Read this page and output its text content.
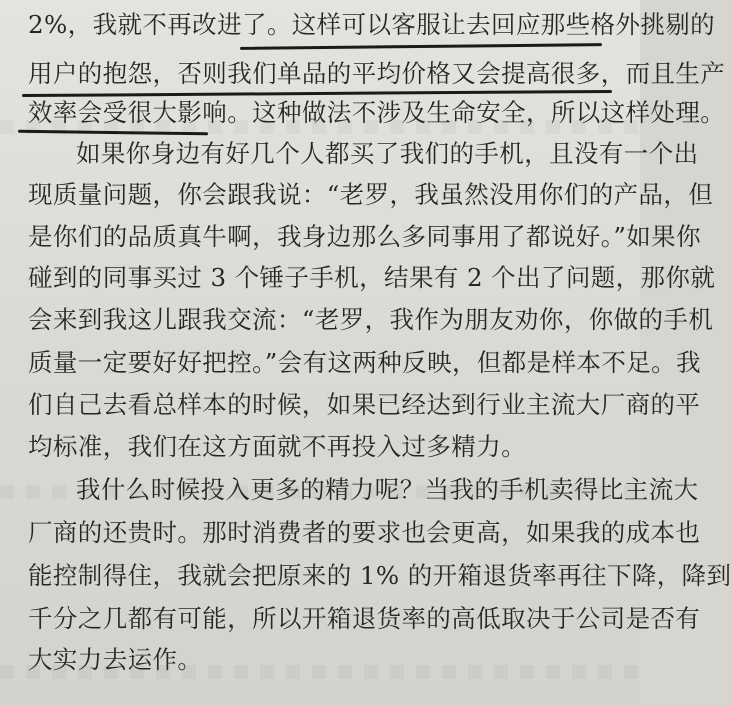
2%，我就不再改进了。这样可以客服让去回应那些格外挑剔的
用户的抱怨，否则我们单品的平均价格又会提高很多，而且生产
效率会受很大影响。这种做法不涉及生命安全，所以这样处理。
如果你身边有好几个人都买了我们的手机，且没有一个出
现质量问题，你会跟我说：“老罗，我虽然没用你们的产品，但
是你们的品质真牛啊，我身边那么多同事用了都说好。”如果你
碰到的同事买过 3 个锤子手机，结果有 2 个出了问题，那你就
会来到我这儿跟我交流：“老罗，我作为朋友劝你，你做的手机
质量一定要好好把控。”会有这两种反映，但都是样本不足。我
们自己去看总样本的时候，如果已经达到行业主流大厂商的平
均标准，我们在这方面就不再投入过多精力。
我什么时候投入更多的精力呢？当我的手机卖得比主流大
厂商的还贵时。那时消费者的要求也会更高，如果我的成本也
能控制得住，我就会把原来的 1% 的开箱退货率再往下降，降到
千分之几都有可能，所以开箱退货率的高低取决于公司是否有
大实力去运作。
